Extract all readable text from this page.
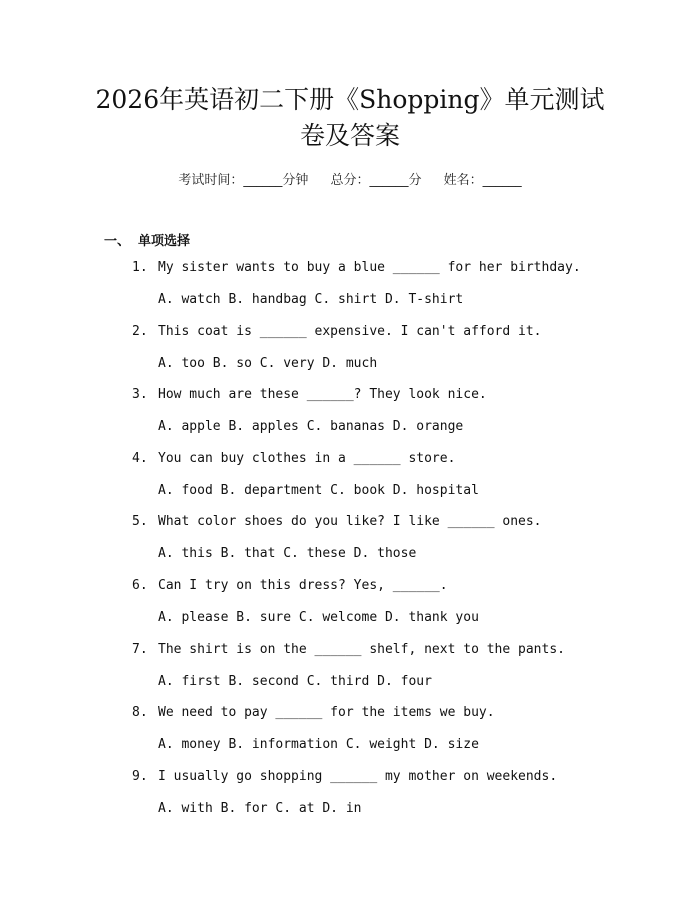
2026年英语初二下册《Shopping》单元测试
卷及答案
考试时间：______分钟 总分：______分 姓名：______
一、 单项选择
1. My sister wants to buy a blue ______ for her birthday.
A. watch B. handbag C. shirt D. T-shirt
2. This coat is ______ expensive. I can't afford it.
A. too B. so C. very D. much
3. How much are these ______? They look nice.
A. apple B. apples C. bananas D. orange
4. You can buy clothes in a ______ store.
A. food B. department C. book D. hospital
5. What color shoes do you like? I like ______ ones.
A. this B. that C. these D. those
6. Can I try on this dress? Yes, ______.
A. please B. sure C. welcome D. thank you
7. The shirt is on the ______ shelf, next to the pants.
A. first B. second C. third D. four
8. We need to pay ______ for the items we buy.
A. money B. information C. weight D. size
9. I usually go shopping ______ my mother on weekends.
A. with B. for C. at D. in
